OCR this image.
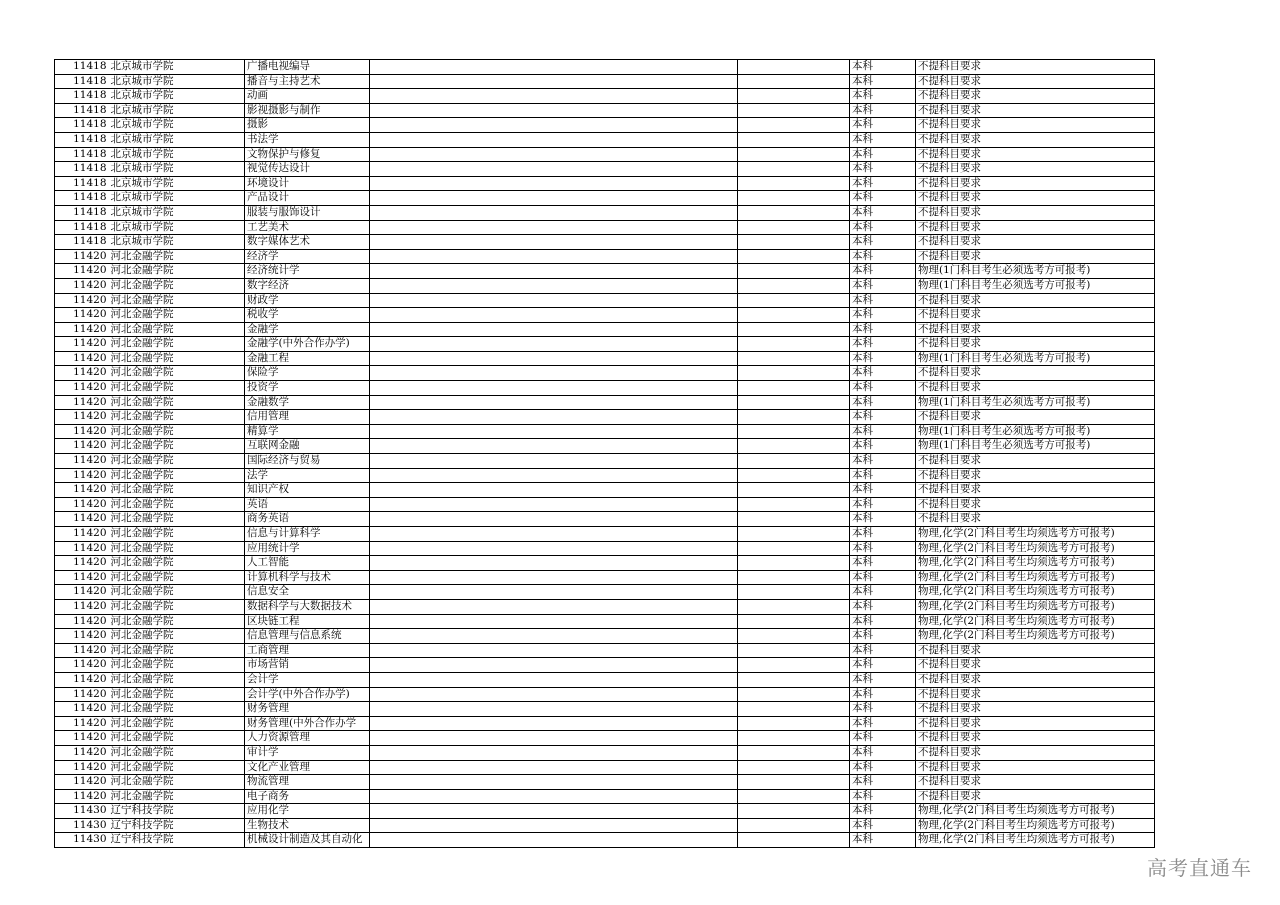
11418	北京城市学院	广播电视编导			本科	不提科目要求
11418	北京城市学院	播音与主持艺术			本科	不提科目要求
11418	北京城市学院	动画			本科	不提科目要求
11418	北京城市学院	影视摄影与制作			本科	不提科目要求
11418	北京城市学院	摄影			本科	不提科目要求
11418	北京城市学院	书法学			本科	不提科目要求
11418	北京城市学院	文物保护与修复			本科	不提科目要求
11418	北京城市学院	视觉传达设计			本科	不提科目要求
11418	北京城市学院	环境设计			本科	不提科目要求
11418	北京城市学院	产品设计			本科	不提科目要求
11418	北京城市学院	服装与服饰设计			本科	不提科目要求
11418	北京城市学院	工艺美术			本科	不提科目要求
11418	北京城市学院	数字媒体艺术			本科	不提科目要求
11420	河北金融学院	经济学			本科	不提科目要求
11420	河北金融学院	经济统计学			本科	物理(1门科目考生必须选考方可报考)
11420	河北金融学院	数字经济			本科	物理(1门科目考生必须选考方可报考)
11420	河北金融学院	财政学			本科	不提科目要求
11420	河北金融学院	税收学			本科	不提科目要求
11420	河北金融学院	金融学			本科	不提科目要求
11420	河北金融学院	金融学(中外合作办学)			本科	不提科目要求
11420	河北金融学院	金融工程			本科	物理(1门科目考生必须选考方可报考)
11420	河北金融学院	保险学			本科	不提科目要求
11420	河北金融学院	投资学			本科	不提科目要求
11420	河北金融学院	金融数学			本科	物理(1门科目考生必须选考方可报考)
11420	河北金融学院	信用管理			本科	不提科目要求
11420	河北金融学院	精算学			本科	物理(1门科目考生必须选考方可报考)
11420	河北金融学院	互联网金融			本科	物理(1门科目考生必须选考方可报考)
11420	河北金融学院	国际经济与贸易			本科	不提科目要求
11420	河北金融学院	法学			本科	不提科目要求
11420	河北金融学院	知识产权			本科	不提科目要求
11420	河北金融学院	英语			本科	不提科目要求
11420	河北金融学院	商务英语			本科	不提科目要求
11420	河北金融学院	信息与计算科学			本科	物理,化学(2门科目考生均须选考方可报考)
11420	河北金融学院	应用统计学			本科	物理,化学(2门科目考生均须选考方可报考)
11420	河北金融学院	人工智能			本科	物理,化学(2门科目考生均须选考方可报考)
11420	河北金融学院	计算机科学与技术			本科	物理,化学(2门科目考生均须选考方可报考)
11420	河北金融学院	信息安全			本科	物理,化学(2门科目考生均须选考方可报考)
11420	河北金融学院	数据科学与大数据技术			本科	物理,化学(2门科目考生均须选考方可报考)
11420	河北金融学院	区块链工程			本科	物理,化学(2门科目考生均须选考方可报考)
11420	河北金融学院	信息管理与信息系统			本科	物理,化学(2门科目考生均须选考方可报考)
11420	河北金融学院	工商管理			本科	不提科目要求
11420	河北金融学院	市场营销			本科	不提科目要求
11420	河北金融学院	会计学			本科	不提科目要求
11420	河北金融学院	会计学(中外合作办学)			本科	不提科目要求
11420	河北金融学院	财务管理			本科	不提科目要求
11420	河北金融学院	财务管理(中外合作办学			本科	不提科目要求
11420	河北金融学院	人力资源管理			本科	不提科目要求
11420	河北金融学院	审计学			本科	不提科目要求
11420	河北金融学院	文化产业管理			本科	不提科目要求
11420	河北金融学院	物流管理			本科	不提科目要求
11420	河北金融学院	电子商务			本科	不提科目要求
11430	辽宁科技学院	应用化学			本科	物理,化学(2门科目考生均须选考方可报考)
11430	辽宁科技学院	生物技术			本科	物理,化学(2门科目考生均须选考方可报考)
11430	辽宁科技学院	机械设计制造及其自动化			本科	物理,化学(2门科目考生均须选考方可报考)
高考直通车
